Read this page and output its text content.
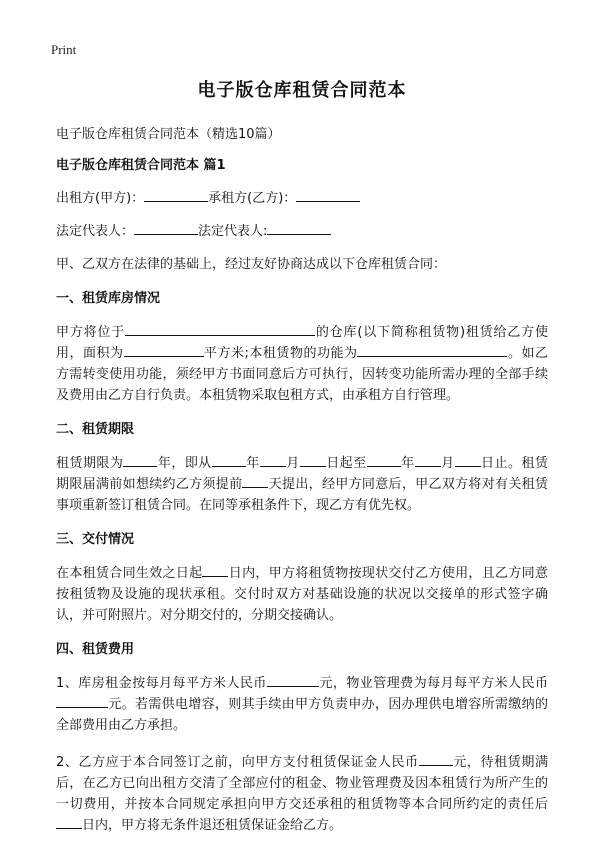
Print
电子版仓库租赁合同范本

电子版仓库租赁合同范本（精选10篇）

电子版仓库租赁合同范本 篇1

出租方(甲方)：	承租方(乙方)：

法定代表人：	法定代表人:

甲、乙双方在法律的基础上，经过友好协商达成以下仓库租赁合同：

一、租赁库房情况

甲方将位于	的仓库(以下简称租赁物)租赁给乙方使用，面积为	平方米;本租赁物的功能为	。如乙方需转变使用功能，须经甲方书面同意后方可执行，因转变功能所需办理的全部手续及费用由乙方自行负责。本租赁物采取包租方式，由承租方自行管理。

二、租赁期限

租赁期限为	年，即从	年 月 日起至	年 月 日止。租赁期限届满前如想续约乙方须提前 天提出，经甲方同意后，甲乙双方将对有关租赁事项重新签订租赁合同。在同等承租条件下，现乙方有优先权。

三、交付情况

在本租赁合同生效之日起 日内，甲方将租赁物按现状交付乙方使用，且乙方同意按租赁物及设施的现状承租。交付时双方对基础设施的状况以交接单的形式签字确认，并可附照片。对分期交付的，分期交接确认。

四、租赁费用

1、库房租金按每月每平方米人民币	元，物业管理费为每月每平方米人民币元。若需供电增容，则其手续由甲方负责申办，因办理供电增容所需缴纳的全部费用由乙方承担。

2、乙方应于本合同签订之前，向甲方支付租赁保证金人民币	元，待租赁期满后，在乙方已向出租方交清了全部应付的租金、物业管理费及因本租赁行为所产生的一切费用，并按本合同规定承担向甲方交还承租的租赁物等本合同所约定的责任后日内，甲方将无条件退还租赁保证金给乙方。
